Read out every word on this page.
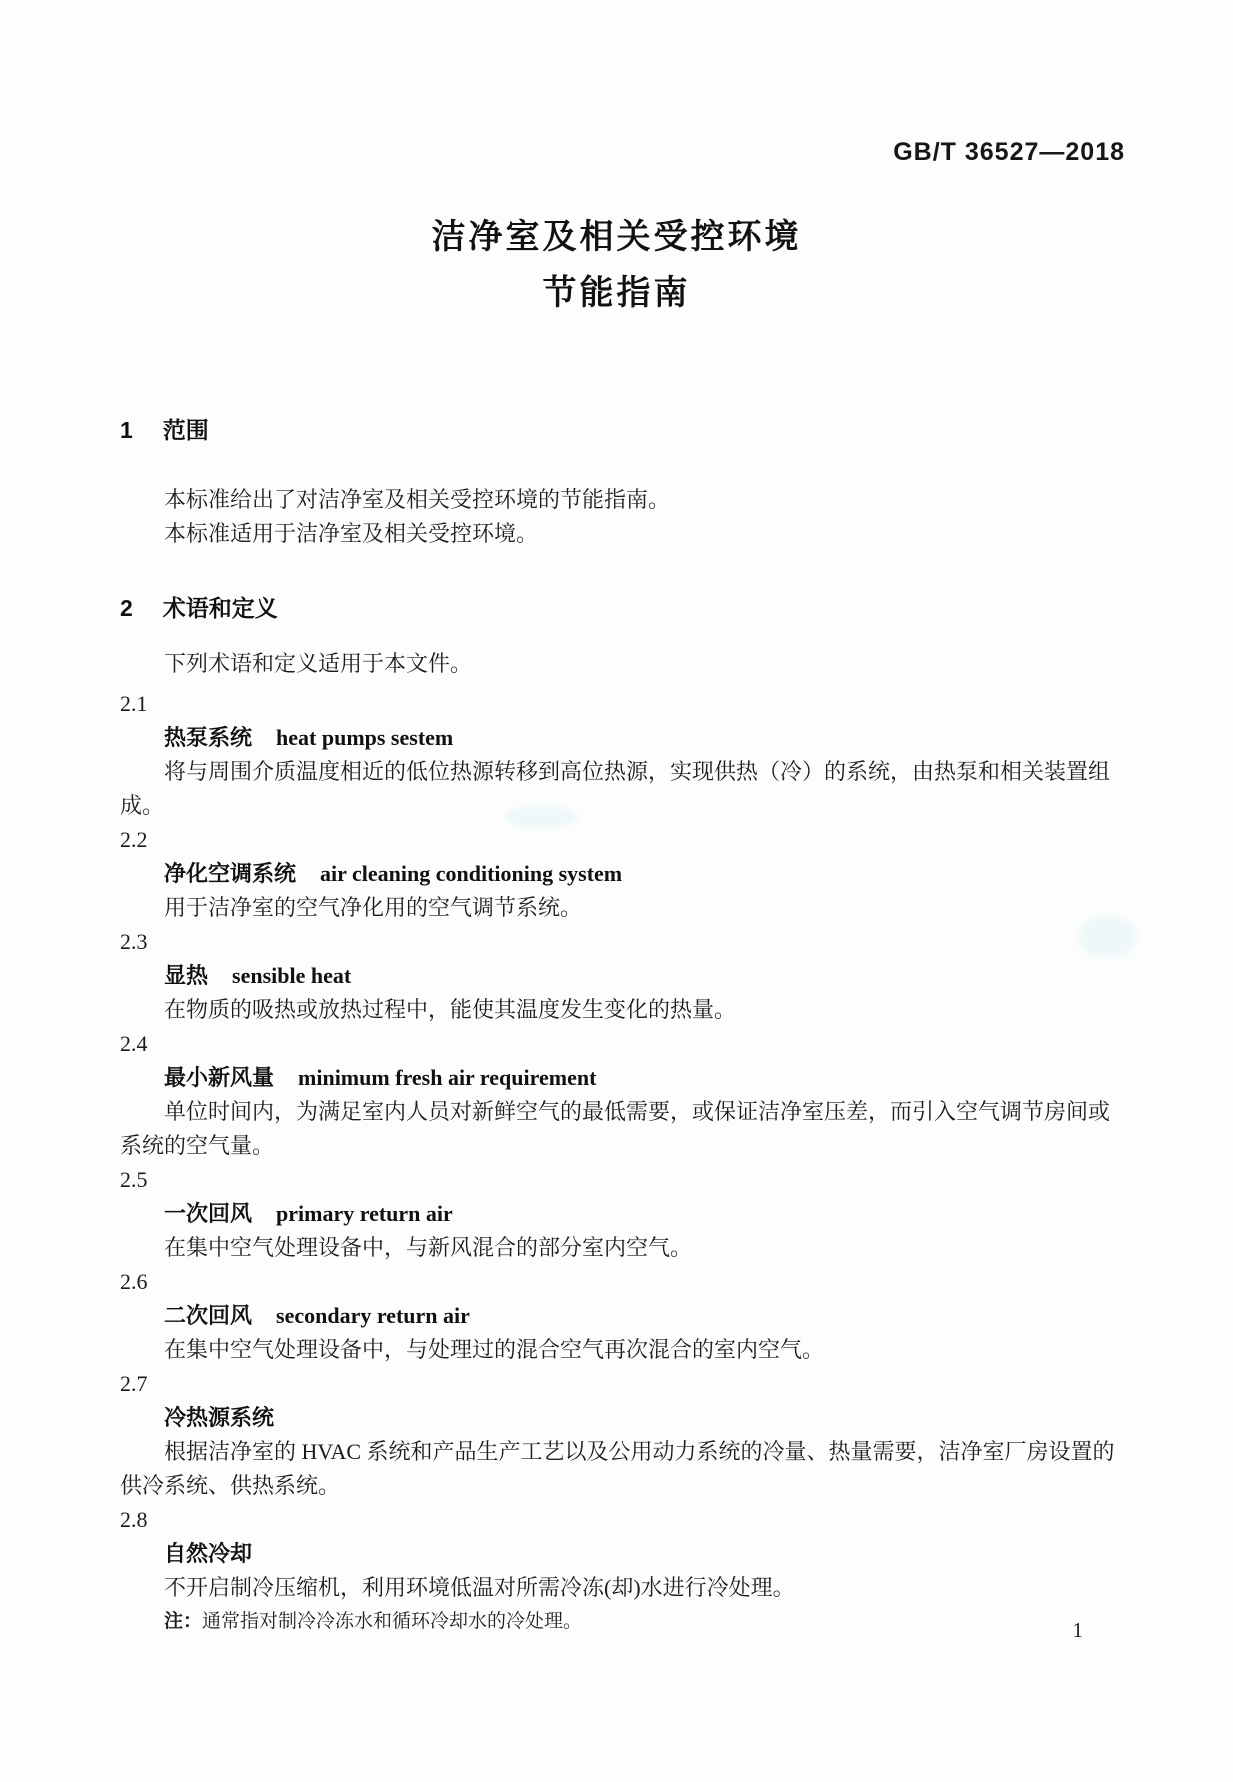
GB/T 36527—2018
洁净室及相关受控环境
节能指南
1 范围

本标准给出了对洁净室及相关受控环境的节能指南。

本标准适用于洁净室及相关受控环境。

2 术语和定义

下列术语和定义适用于本文件。

2.1
热泵系统 heat pumps sestem

将与周围介质温度相近的低位热源转移到高位热源，实现供热（冷）的系统，由热泵和相关装置组成。

2.2
净化空调系统 air cleaning conditioning system

用于洁净室的空气净化用的空气调节系统。

2.3
显热 sensible heat

在物质的吸热或放热过程中，能使其温度发生变化的热量。

2.4
最小新风量 minimum fresh air requirement

单位时间内，为满足室内人员对新鲜空气的最低需要，或保证洁净室压差，而引入空气调节房间或系统的空气量。

2.5
一次回风 primary return air

在集中空气处理设备中，与新风混合的部分室内空气。

2.6
二次回风 secondary return air

在集中空气处理设备中，与处理过的混合空气再次混合的室内空气。

2.7
冷热源系统

根据洁净室的 HVAC 系统和产品生产工艺以及公用动力系统的冷量、热量需要，洁净室厂房设置的供冷系统、供热系统。

2.8
自然冷却

不开启制冷压缩机，利用环境低温对所需冷冻(却)水进行冷处理。

注：通常指对制冷冷冻水和循环冷却水的冷处理。	1
